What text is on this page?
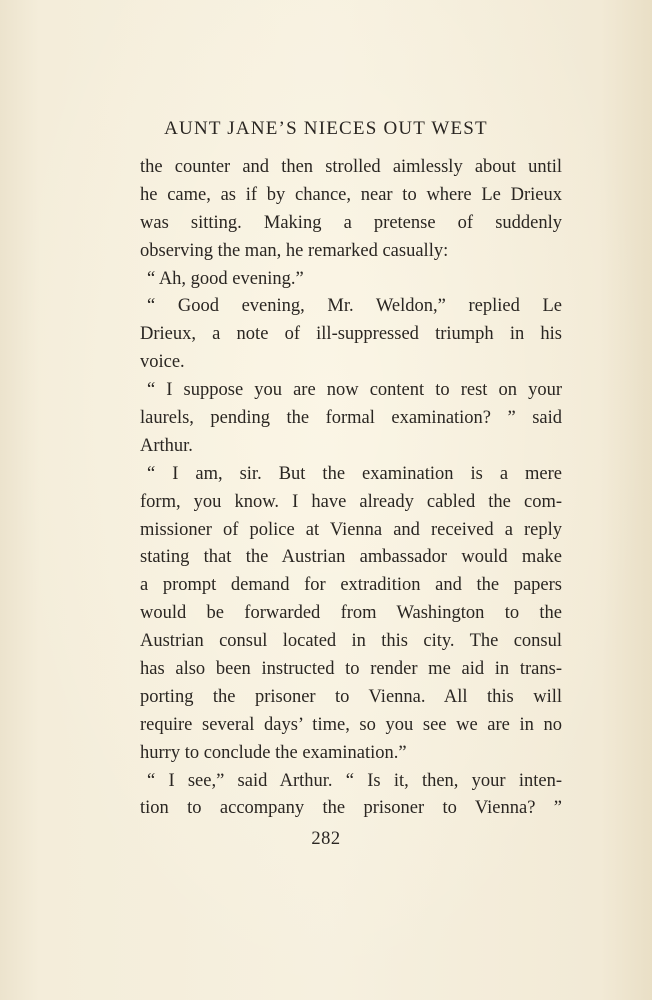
AUNT JANE’S NIECES OUT WEST
the counter and then strolled aimlessly about until
he came, as if by chance, near to where Le Drieux
was sitting. Making a pretense of suddenly
observing the man, he remarked casually:
“ Ah, good evening.”
“ Good evening, Mr. Weldon,” replied Le
Drieux, a note of ill-suppressed triumph in his
voice.
“ I suppose you are now content to rest on your
laurels, pending the formal examination? ” said
Arthur.
“ I am, sir. But the examination is a mere
form, you know. I have already cabled the com-
missioner of police at Vienna and received a reply
stating that the Austrian ambassador would make
a prompt demand for extradition and the papers
would be forwarded from Washington to the
Austrian consul located in this city. The consul
has also been instructed to render me aid in trans-
porting the prisoner to Vienna. All this will
require several days’ time, so you see we are in no
hurry to conclude the examination.”
“ I see,” said Arthur. “ Is it, then, your inten-
tion to accompany the prisoner to Vienna? ”
282
